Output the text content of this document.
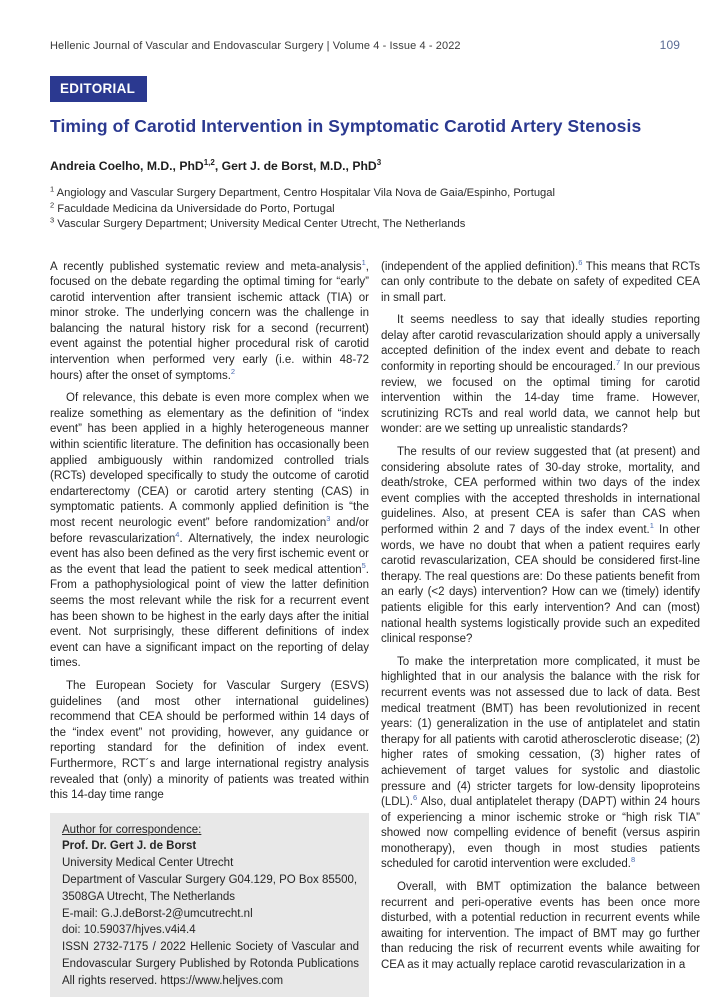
Hellenic Journal of Vascular and Endovascular Surgery | Volume 4 - Issue 4 - 2022	109
EDITORIAL
Timing of Carotid Intervention in Symptomatic Carotid Artery Stenosis
Andreia Coelho, M.D., PhD$^{1,2}$, Gert J. de Borst, M.D., PhD$^3$
$^1$ Angiology and Vascular Surgery Department, Centro Hospitalar Vila Nova de Gaia/Espinho, Portugal
$^2$ Faculdade Medicina da Universidade do Porto, Portugal
$^3$ Vascular Surgery Department; University Medical Center Utrecht, The Netherlands

A recently published systematic review and meta-analysis$^1$, focused on the debate regarding the optimal timing for “early” carotid intervention after transient ischemic attack (TIA) or minor stroke. The underlying concern was the challenge in balancing the natural history risk for a second (recurrent) event against the potential higher procedural risk of carotid intervention when performed very early (i.e. within 48-72 hours) after the onset of symptoms.$^2$

Of relevance, this debate is even more complex when we realize something as elementary as the definition of “index event” has been applied in a highly heterogeneous manner within scientific literature. The definition has occasionally been applied ambiguously within randomized controlled trials (RCTs) developed specifically to study the outcome of carotid endarterectomy (CEA) or carotid artery stenting (CAS) in symptomatic patients. A commonly applied definition is “the most recent neurologic event” before randomization$^3$ and/or before revascularization$^4$. Alternatively, the index neurologic event has also been defined as the very first ischemic event or as the event that lead the patient to seek medical attention$^5$. From a pathophysiological point of view the latter definition seems the most relevant while the risk for a recurrent event has been shown to be highest in the early days after the initial event. Not surprisingly, these different definitions of index event can have a significant impact on the reporting of delay times.

The European Society for Vascular Surgery (ESVS) guidelines (and most other international guidelines) recommend that CEA should be performed within 14 days of the “index event” not providing, however, any guidance or reporting standard for the definition of index event. Furthermore, RCT´s and large international registry analysis revealed that (only) a minority of patients was treated within this 14-day time range

Author for correspondence:
Prof. Dr. Gert J. de Borst
University Medical Center Utrecht
Department of Vascular Surgery G04.129, PO Box 85500, 3508GA Utrecht, The Netherlands
E-mail: G.J.deBorst-2@umcutrecht.nl
doi: 10.59037/hjves.v4i4.4
ISSN 2732-7175 / 2022 Hellenic Society of Vascular and Endovascular Surgery Published by Rotonda Publications All rights reserved. https://www.heljves.com

(independent of the applied definition).$^6$ This means that RCTs can only contribute to the debate on safety of expedited CEA in small part.

It seems needless to say that ideally studies reporting delay after carotid revascularization should apply a universally accepted definition of the index event and debate to reach conformity in reporting should be encouraged.$^7$ In our previous review, we focused on the optimal timing for carotid intervention within the 14-day time frame. However, scrutinizing RCTs and real world data, we cannot help but wonder: are we setting up unrealistic standards?

The results of our review suggested that (at present) and considering absolute rates of 30-day stroke, mortality, and death/stroke, CEA performed within two days of the index event complies with the accepted thresholds in international guidelines. Also, at present CEA is safer than CAS when performed within 2 and 7 days of the index event.$^1$ In other words, we have no doubt that when a patient requires early carotid revascularization, CEA should be considered first-line therapy. The real questions are: Do these patients benefit from an early (<2 days) intervention? How can we (timely) identify patients eligible for this early intervention? And can (most) national health systems logistically provide such an expedited clinical response?

To make the interpretation more complicated, it must be highlighted that in our analysis the balance with the risk for recurrent events was not assessed due to lack of data. Best medical treatment (BMT) has been revolutionized in recent years: (1) generalization in the use of antiplatelet and statin therapy for all patients with carotid atherosclerotic disease; (2) higher rates of smoking cessation, (3) higher rates of achievement of target values for systolic and diastolic pressure and (4) stricter targets for low-density lipoproteins (LDL).$^6$ Also, dual antiplatelet therapy (DAPT) within 24 hours of experiencing a minor ischemic stroke or “high risk TIA” showed now compelling evidence of benefit (versus aspirin monotherapy), even though in most studies patients scheduled for carotid intervention were excluded.$^8$

Overall, with BMT optimization the balance between recurrent and peri-operative events has been once more disturbed, with a potential reduction in recurrent events while awaiting for intervention. The impact of BMT may go further than reducing the risk of recurrent events while awaiting for CEA as it may actually replace carotid revascularization in a
